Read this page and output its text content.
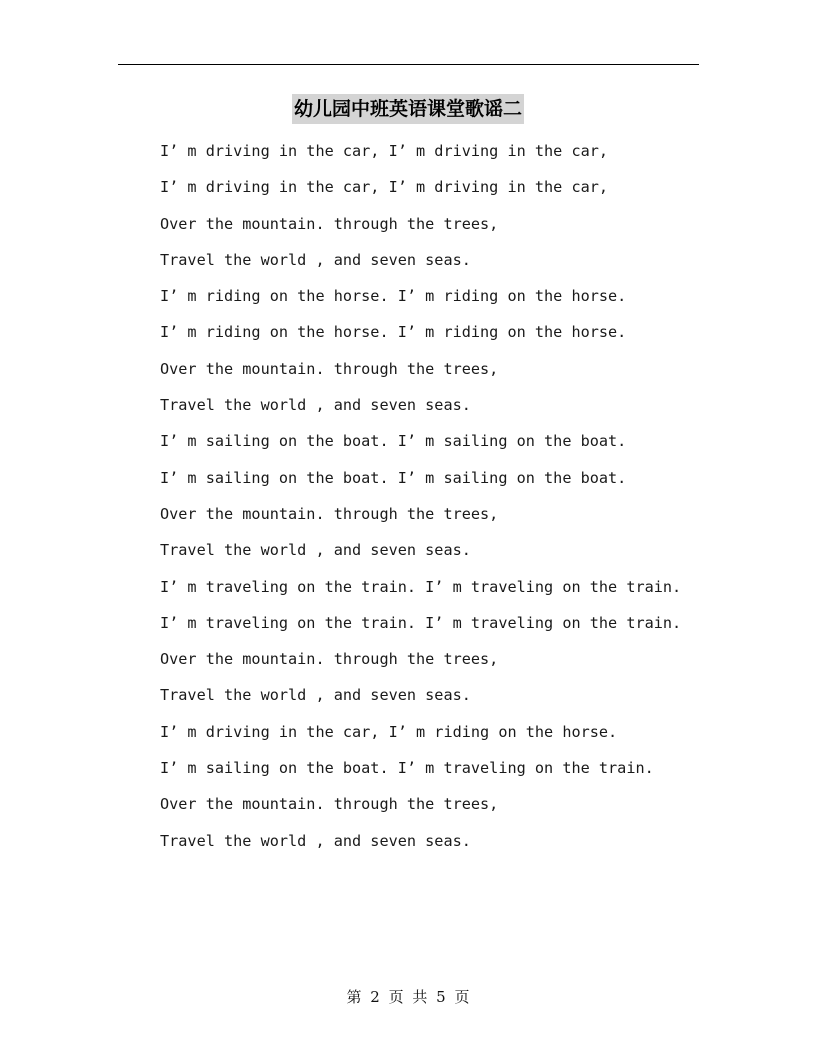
幼儿园中班英语课堂歌谣二
I’ m driving in the car, I’ m driving in the car,
I’ m driving in the car, I’ m driving in the car,
Over the mountain. through the trees,
Travel the world , and seven seas.
I’ m riding on the horse. I’ m riding on the horse.
I’ m riding on the horse. I’ m riding on the horse.
Over the mountain. through the trees,
Travel the world , and seven seas.
I’ m sailing on the boat. I’ m sailing on the boat.
I’ m sailing on the boat. I’ m sailing on the boat.
Over the mountain. through the trees,
Travel the world , and seven seas.
I’ m traveling on the train. I’ m traveling on the train.
I’ m traveling on the train. I’ m traveling on the train.
Over the mountain. through the trees,
Travel the world , and seven seas.
I’ m driving in the car, I’ m riding on the horse.
I’ m sailing on the boat. I’ m traveling on the train.
Over the mountain. through the trees,
Travel the world , and seven seas.
第 2 页 共 5 页
